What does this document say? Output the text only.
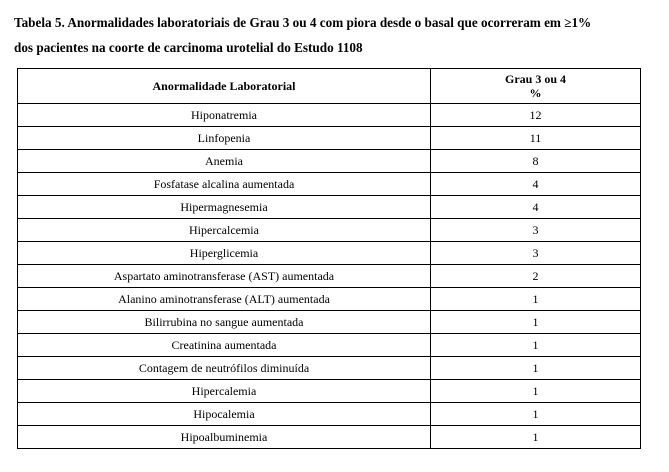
Tabela 5. Anormalidades laboratoriais de Grau 3 ou 4 com piora desde o basal que ocorreram em ≥1%
dos pacientes na coorte de carcinoma urotelial do Estudo 1108
Anormalidade Laboratorial	Grau 3 ou 4
%

Hiponatremia	12
Linfopenia	11
Anemia	8
Fosfatase alcalina aumentada	4
Hipermagnesemia	4
Hipercalcemia	3
Hiperglicemia	3
Aspartato aminotransferase (AST) aumentada	2
Alanino aminotransferase (ALT) aumentada	1
Bilirrubina no sangue aumentada	1
Creatinina aumentada	1
Contagem de neutrófilos diminuída	1
Hipercalemia	1
Hipocalemia	1
Hipoalbuminemia	1
